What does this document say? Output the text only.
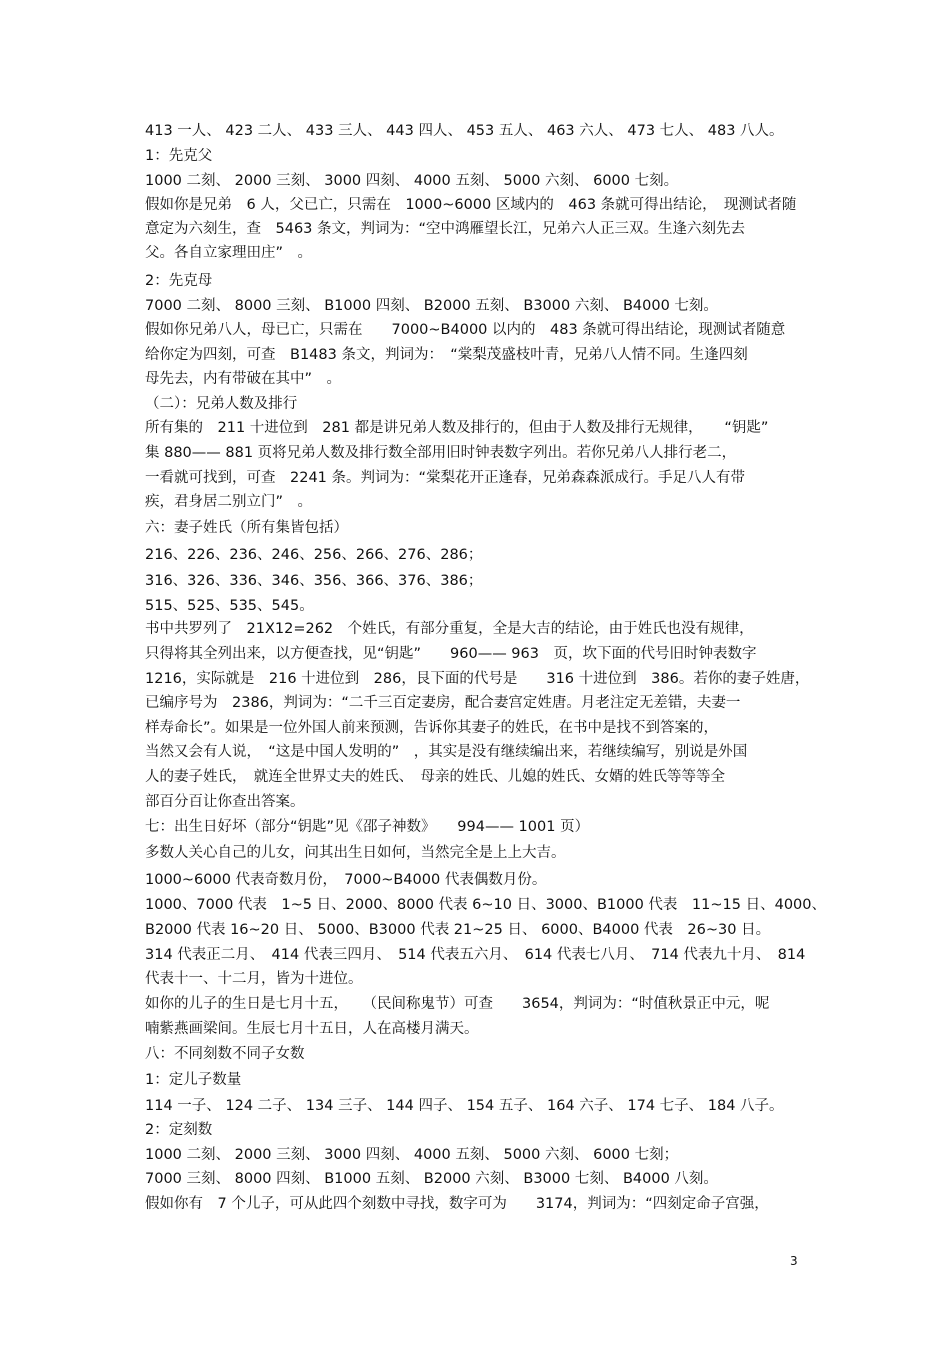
413 一人、 423 二人、 433 三人、 443 四人、 453 五人、 463 六人、 473 七人、 483 八人。
1：先克父
1000 二刻、 2000 三刻、 3000 四刻、 4000 五刻、 5000 六刻、 6000 七刻。
假如你是兄弟　6 人，父已亡，只需在　1000~6000 区域内的　463 条就可得出结论，　现测试者随
意定为六刻生，查　5463 条文，判词为：“空中鸿雁望长江，兄弟六人正三双。生逢六刻先去
父。各自立家理田庄”　。
2：先克母
7000 二刻、 8000 三刻、 B1000 四刻、 B2000 五刻、 B3000 六刻、 B4000 七刻。
假如你兄弟八人，母已亡，只需在　　7000~B4000 以内的　483 条就可得出结论，现测试者随意
给你定为四刻，可查　B1483 条文，判词为：　“棠梨茂盛枝叶青，兄弟八人情不同。生逢四刻
母先去，内有带破在其中”　。
（二）：兄弟人数及排行
所有集的　211 十进位到　281 都是讲兄弟人数及排行的，但由于人数及排行无规律，　　“钥匙”
集 880—— 881 页将兄弟人数及排行数全部用旧时钟表数字列出。若你兄弟八人排行老二，
一看就可找到，可查　2241 条。判词为：“棠梨花开正逢春，兄弟森森派成行。手足八人有带
疾，君身居二别立门”　。
六：妻子姓氏（所有集皆包括）
216、226、236、246、256、266、276、286；
316、326、336、346、356、366、376、386；
515、525、535、545。
书中共罗列了　21X12=262　个姓氏，有部分重复，全是大吉的结论，由于姓氏也没有规律，
只得将其全列出来，以方便查找，见“钥匙”　　960—— 963　页，坎下面的代号旧时钟表数字
1216，实际就是　216 十进位到　286，艮下面的代号是　　316 十进位到　386。若你的妻子姓唐，
已编序号为　2386，判词为：“二千三百定妻房，配合妻宫定姓唐。月老注定无差错，夫妻一
样寿命长”。如果是一位外国人前来预测，告诉你其妻子的姓氏，在书中是找不到答案的，
当然又会有人说，　“这是中国人发明的”　，其实是没有继续编出来，若继续编写，别说是外国
人的妻子姓氏，　就连全世界丈夫的姓氏、　母亲的姓氏、儿媳的姓氏、女婿的姓氏等等等全
部百分百让你查出答案。
七：出生日好坏（部分“钥匙”见《邵子神数》　　994—— 1001 页）
多数人关心自己的儿女，问其出生日如何，当然完全是上上大吉。
1000~6000 代表奇数月份，　7000~B4000 代表偶数月份。
1000、7000 代表　1~5 日、2000、8000 代表 6~10 日、3000、B1000 代表　11~15 日、4000、
B2000 代表 16~20 日、 5000、B3000 代表 21~25 日、 6000、B4000 代表　26~30 日。
314 代表正二月、　414 代表三四月、　514 代表五六月、　614 代表七八月、　714 代表九十月、　814
代表十一、十二月，皆为十进位。
如你的儿子的生日是七月十五，　　（民间称鬼节）可查　　3654，判词为：“时值秋景正中元，呢
喃紫燕画梁间。生辰七月十五日，人在高楼月满天。
八：不同刻数不同子女数
1：定儿子数量
114 一子、 124 二子、 134 三子、 144 四子、 154 五子、 164 六子、 174 七子、 184 八子。
2：定刻数
1000 二刻、 2000 三刻、 3000 四刻、 4000 五刻、 5000 六刻、 6000 七刻；
7000 三刻、 8000 四刻、 B1000 五刻、 B2000 六刻、 B3000 七刻、 B4000 八刻。
假如你有　7 个儿子，可从此四个刻数中寻找，数字可为　　3174，判词为：“四刻定命子宫强，
3
